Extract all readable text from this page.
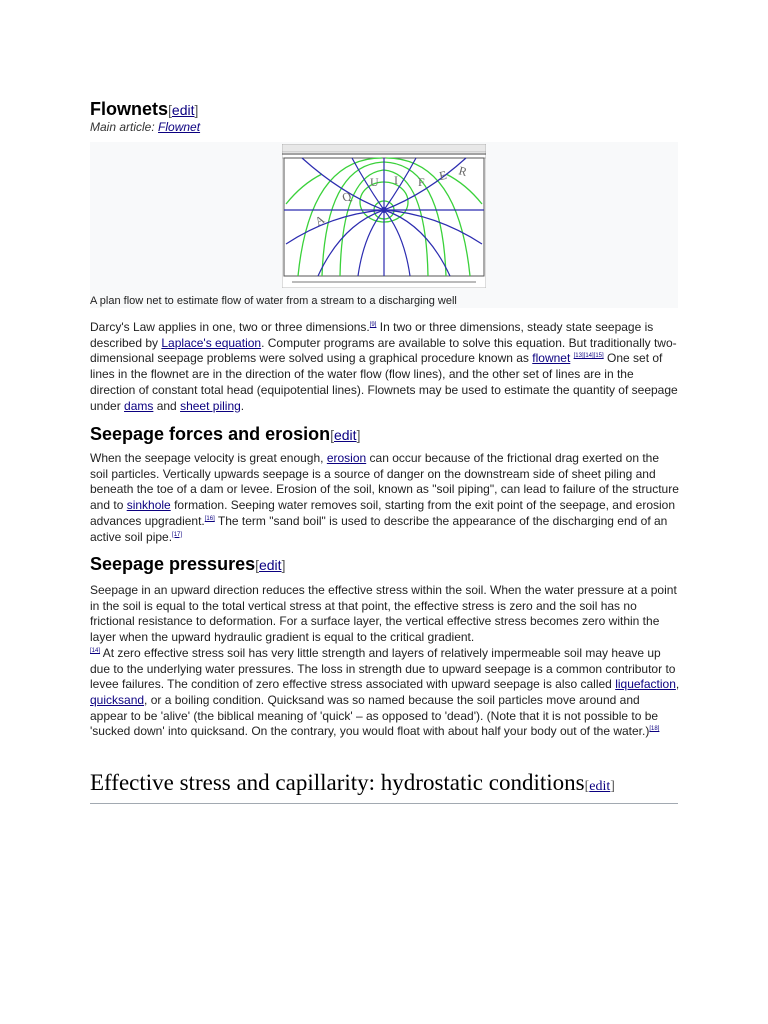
Flownets[edit]
Main article: Flownet

Darcy's Law applies in one, two or three dimensions.[9] In two or three dimensions, steady state seepage is described by Laplace's equation. Computer programs are available to solve this equation. But traditionally two-dimensional seepage problems were solved using a graphical procedure known as flownet [13][14][15] One set of lines in the flownet are in the direction of the water flow (flow lines), and the other set of lines are in the direction of constant total head (equipotential lines). Flownets may be used to estimate the quantity of seepage under dams and sheet piling.

Seepage forces and erosion[edit]

When the seepage velocity is great enough, erosion can occur because of the frictional drag exerted on the soil particles. Vertically upwards seepage is a source of danger on the downstream side of sheet piling and beneath the toe of a dam or levee. Erosion of the soil, known as "soil piping", can lead to failure of the structure and to sinkhole formation. Seeping water removes soil, starting from the exit point of the seepage, and erosion advances upgradient.[16] The term "sand boil" is used to describe the appearance of the discharging end of an active soil pipe.[17]

Seepage pressures[edit]

Seepage in an upward direction reduces the effective stress within the soil. When the water pressure at a point in the soil is equal to the total vertical stress at that point, the effective stress is zero and the soil has no frictional resistance to deformation. For a surface layer, the vertical effective stress becomes zero within the layer when the upward hydraulic gradient is equal to the critical gradient.
[14] At zero effective stress soil has very little strength and layers of relatively impermeable soil may heave up due to the underlying water pressures. The loss in strength due to upward seepage is a common contributor to levee failures. The condition of zero effective stress associated with upward seepage is also called liquefaction, quicksand, or a boiling condition. Quicksand was so named because the soil particles move around and appear to be 'alive' (the biblical meaning of 'quick' – as opposed to 'dead'). (Note that it is not possible to be 'sucked down' into quicksand. On the contrary, you would float with about half your body out of the water.)[18]

Effective stress and capillarity: hydrostatic conditions[edit]
A
Q
U I F E R
A plan flow net to estimate flow of water from a stream to a discharging well
